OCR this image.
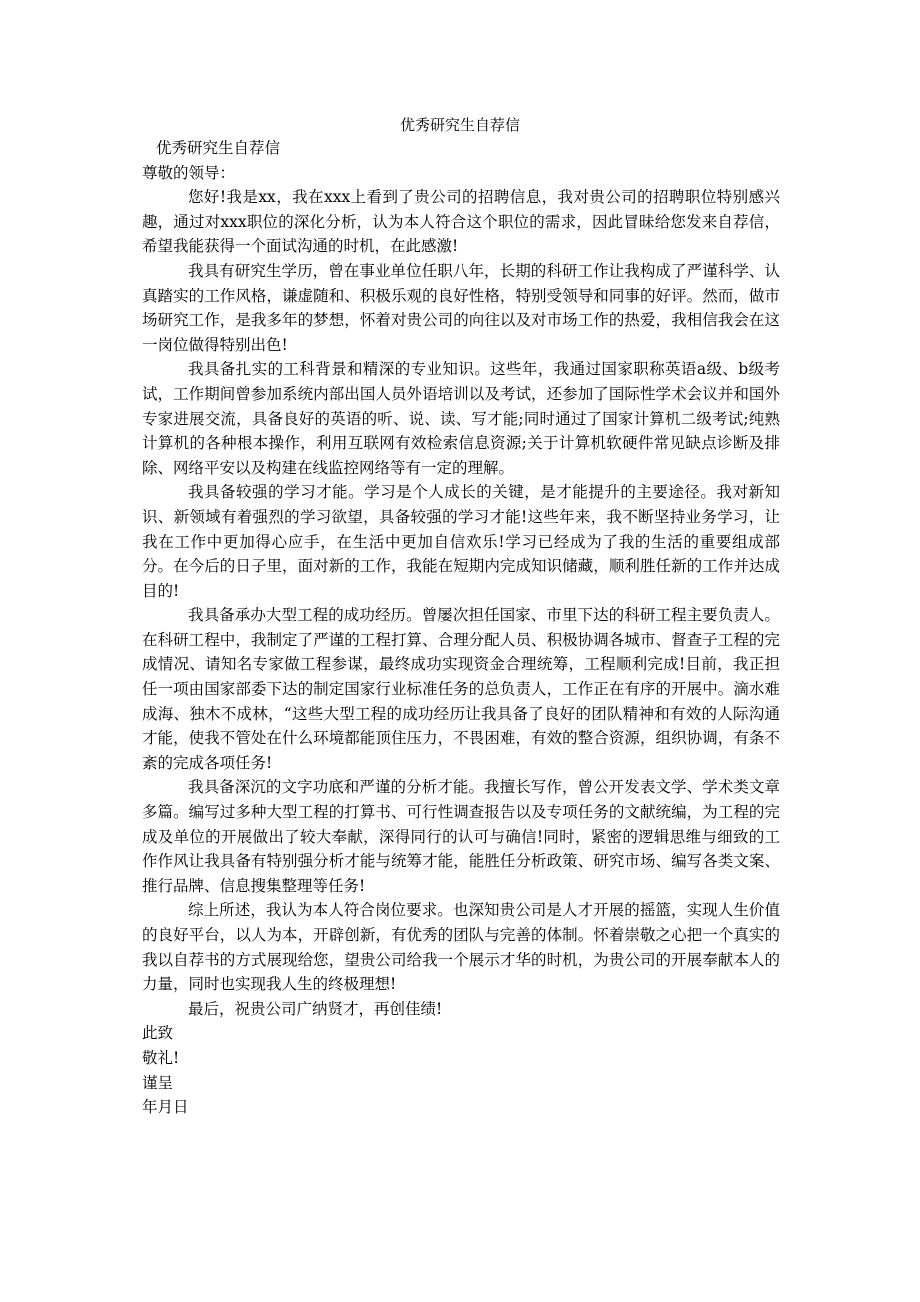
优秀研究生自荐信

优秀研究生自荐信

尊敬的领导：

您好!我是xx，我在xxx上看到了贵公司的招聘信息，我对贵公司的招聘职位特别感兴趣，通过对xxx职位的深化分析，认为本人符合这个职位的需求，因此冒昧给您发来自荐信，希望我能获得一个面试沟通的时机，在此感激!

我具有研究生学历，曾在事业单位任职八年，长期的科研工作让我构成了严谨科学、认真踏实的工作风格，谦虚随和、积极乐观的良好性格，特别受领导和同事的好评。然而，做市场研究工作，是我多年的梦想，怀着对贵公司的向往以及对市场工作的热爱，我相信我会在这一岗位做得特别出色!

我具备扎实的工科背景和精深的专业知识。这些年，我通过国家职称英语a级、b级考试，工作期间曾参加系统内部出国人员外语培训以及考试，还参加了国际性学术会议并和国外专家进展交流，具备良好的英语的听、说、读、写才能;同时通过了国家计算机二级考试;纯熟计算机的各种根本操作，利用互联网有效检索信息资源;关于计算机软硬件常见缺点诊断及排除、网络平安以及构建在线监控网络等有一定的理解。

我具备较强的学习才能。学习是个人成长的关键，是才能提升的主要途径。我对新知识、新领域有着强烈的学习欲望，具备较强的学习才能!这些年来，我不断坚持业务学习，让我在工作中更加得心应手，在生活中更加自信欢乐!学习已经成为了我的生活的重要组成部分。在今后的日子里，面对新的工作，我能在短期内完成知识储藏，顺利胜任新的工作并达成目的!

我具备承办大型工程的成功经历。曾屡次担任国家、市里下达的科研工程主要负责人。在科研工程中，我制定了严谨的工程打算、合理分配人员、积极协调各城市、督查子工程的完成情况、请知名专家做工程参谋，最终成功实现资金合理统筹，工程顺利完成!目前，我正担任一项由国家部委下达的制定国家行业标准任务的总负责人，工作正在有序的开展中。滴水难成海、独木不成林，“这些大型工程的成功经历让我具备了良好的团队精神和有效的人际沟通才能，使我不管处在什么环境都能顶住压力，不畏困难，有效的整合资源，组织协调，有条不紊的完成各项任务!

我具备深沉的文字功底和严谨的分析才能。我擅长写作，曾公开发表文学、学术类文章多篇。编写过多种大型工程的打算书、可行性调查报告以及专项任务的文献统编，为工程的完成及单位的开展做出了较大奉献，深得同行的认可与确信!同时，紧密的逻辑思维与细致的工作作风让我具备有特别强分析才能与统筹才能，能胜任分析政策、研究市场、编写各类文案、推行品牌、信息搜集整理等任务!

综上所述，我认为本人符合岗位要求。也深知贵公司是人才开展的摇篮，实现人生价值的良好平台，以人为本，开辟创新，有优秀的团队与完善的体制。怀着崇敬之心把一个真实的我以自荐书的方式展现给您，望贵公司给我一个展示才华的时机，为贵公司的开展奉献本人的力量，同时也实现我人生的终极理想!

最后，祝贵公司广纳贤才，再创佳绩!

此致

敬礼!

谨呈

年月日
